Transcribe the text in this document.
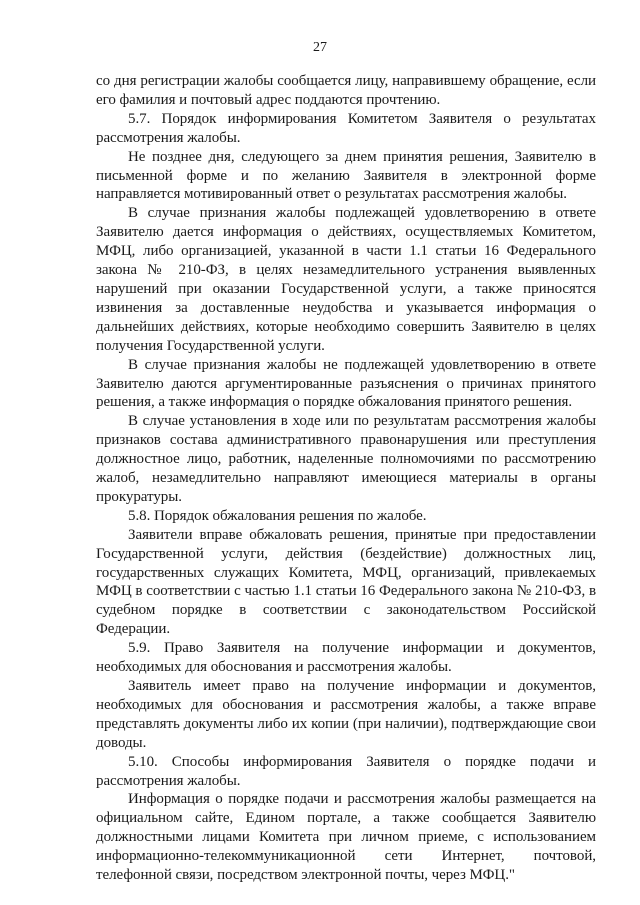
27

со дня регистрации жалобы сообщается лицу, направившему обращение, если его фамилия и почтовый адрес поддаются прочтению.

5.7. Порядок информирования Комитетом Заявителя о результатах рассмотрения жалобы.

Не позднее дня, следующего за днем принятия решения, Заявителю в письменной форме и по желанию Заявителя в электронной форме направляется мотивированный ответ о результатах рассмотрения жалобы.

В случае признания жалобы подлежащей удовлетворению в ответе Заявителю дается информация о действиях, осуществляемых Комитетом, МФЦ, либо организацией, указанной в части 1.1 статьи 16 Федерального закона № 210-ФЗ, в целях незамедлительного устранения выявленных нарушений при оказании Государственной услуги, а также приносятся извинения за доставленные неудобства и указывается информация о дальнейших действиях, которые необходимо совершить Заявителю в целях получения Государственной услуги.

В случае признания жалобы не подлежащей удовлетворению в ответе Заявителю даются аргументированные разъяснения о причинах принятого решения, а также информация о порядке обжалования принятого решения.

В случае установления в ходе или по результатам рассмотрения жалобы признаков состава административного правонарушения или преступления должностное лицо, работник, наделенные полномочиями по рассмотрению жалоб, незамедлительно направляют имеющиеся материалы в органы прокуратуры.

5.8. Порядок обжалования решения по жалобе.

Заявители вправе обжаловать решения, принятые при предоставлении Государственной услуги, действия (бездействие) должностных лиц, государственных служащих Комитета, МФЦ, организаций, привлекаемых МФЦ в соответствии с частью 1.1 статьи 16 Федерального закона № 210-ФЗ, в судебном порядке в соответствии с законодательством Российской Федерации.

5.9. Право Заявителя на получение информации и документов, необходимых для обоснования и рассмотрения жалобы.

Заявитель имеет право на получение информации и документов, необходимых для обоснования и рассмотрения жалобы, а также вправе представлять документы либо их копии (при наличии), подтверждающие свои доводы.

5.10. Способы информирования Заявителя о порядке подачи и рассмотрения жалобы.

Информация о порядке подачи и рассмотрения жалобы размещается на официальном сайте, Едином портале, а также сообщается Заявителю должностными лицами Комитета при личном приеме, с использованием информационно-телекоммуникационной сети Интернет, почтовой, телефонной связи, посредством электронной почты, через МФЦ."
